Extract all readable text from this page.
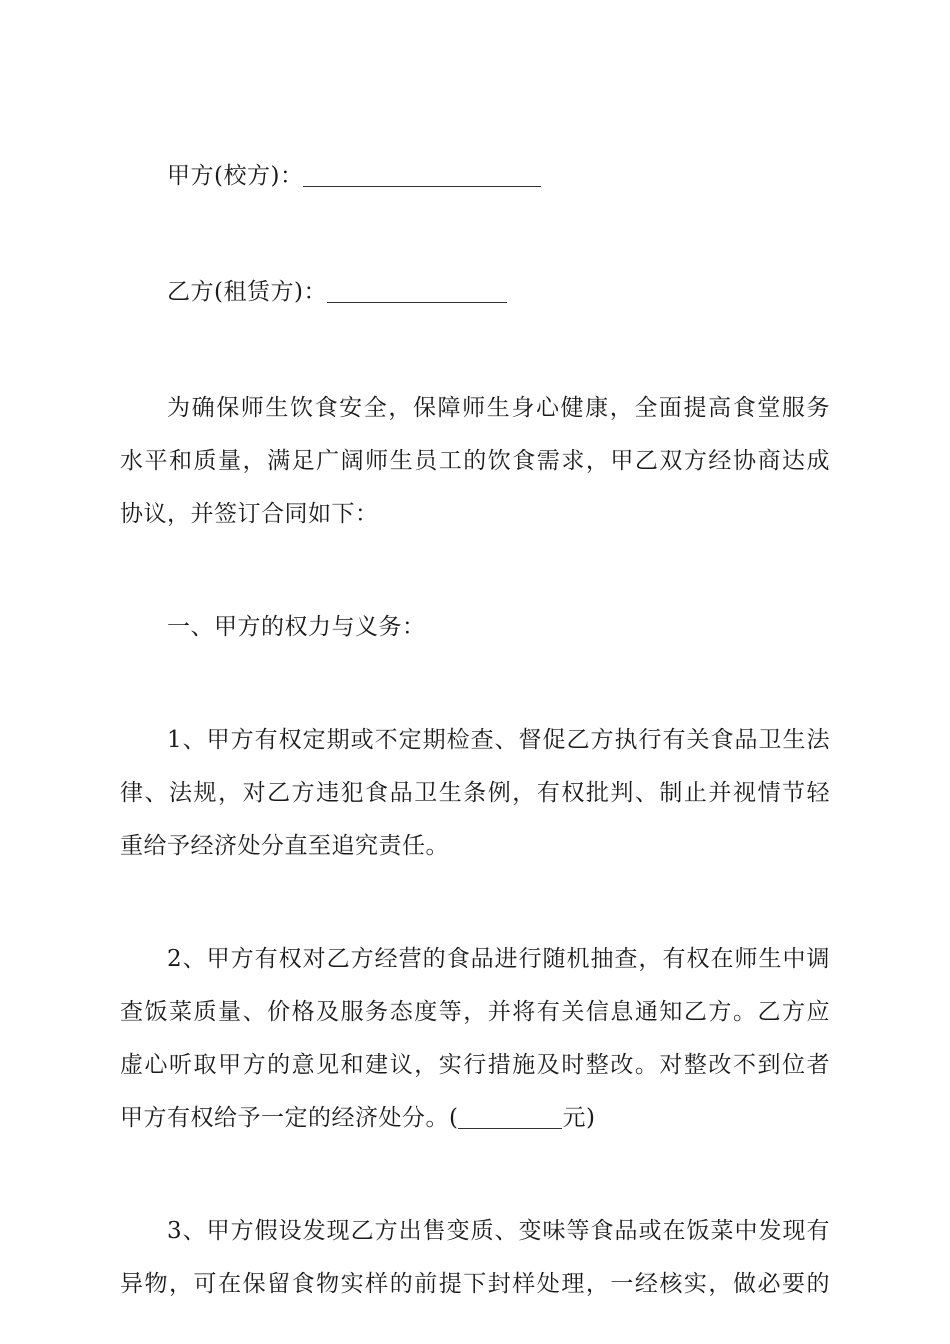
甲方(校方)：
乙方(租赁方)：
为确保师生饮食安全，保障师生身心健康，全面提高食堂服务
水平和质量，满足广阔师生员工的饮食需求，甲乙双方经协商达成
协议，并签订合同如下：
一、甲方的权力与义务：
1、甲方有权定期或不定期检查、督促乙方执行有关食品卫生法
律、法规，对乙方违犯食品卫生条例，有权批判、制止并视情节轻
重给予经济处分直至追究责任。
2、甲方有权对乙方经营的食品进行随机抽查，有权在师生中调
查饭菜质量、价格及服务态度等，并将有关信息通知乙方。乙方应
虚心听取甲方的意见和建议，实行措施及时整改。对整改不到位者
甲方有权给予一定的经济处分。(	元)
3、甲方假设发现乙方出售变质、变味等食品或在饭菜中发现有
异物，可在保留食物实样的前提下封样处理，一经核实，做必要的
